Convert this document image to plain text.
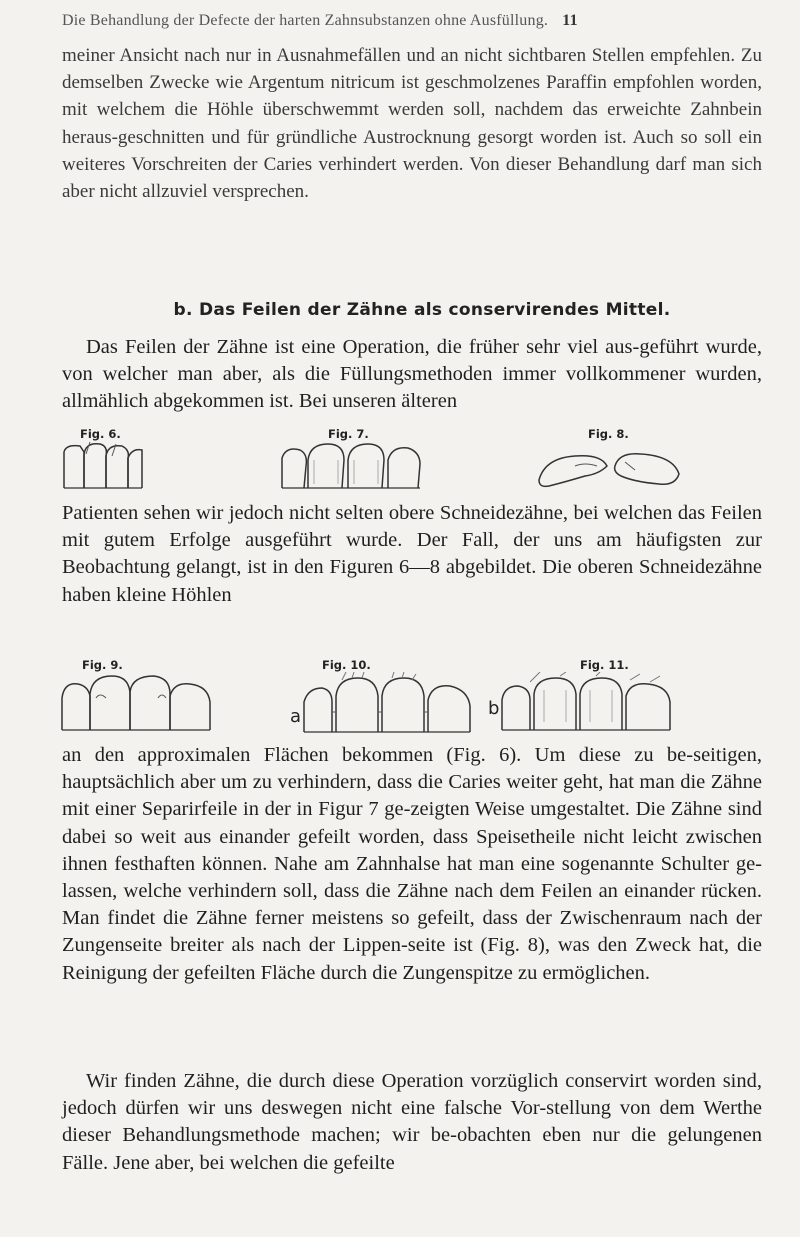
Die Behandlung der Defecte der harten Zahnsubstanzen ohne Ausfüllung. 11

meiner Ansicht nach nur in Ausnahmefällen und an nicht sichtbaren Stellen empfehlen. Zu demselben Zwecke wie Argentum nitricum ist geschmolzenes Paraffin empfohlen worden, mit welchem die Höhle überschwemmt werden soll, nachdem das erweichte Zahnbein heraus-geschnitten und für gründliche Austrocknung gesorgt worden ist. Auch so soll ein weiteres Vorschreiten der Caries verhindert werden. Von dieser Behandlung darf man sich aber nicht allzuviel versprechen.

b. Das Feilen der Zähne als conservirendes Mittel.

Das Feilen der Zähne ist eine Operation, die früher sehr viel aus-geführt wurde, von welcher man aber, als die Füllungsmethoden immer vollkommener wurden, allmählich abgekommen ist. Bei unseren älteren

Fig. 6.	Fig. 7.	Fig. 8.

Patienten sehen wir jedoch nicht selten obere Schneidezähne, bei welchen das Feilen mit gutem Erfolge ausgeführt wurde. Der Fall, der uns am häufigsten zur Beobachtung gelangt, ist in den Figuren 6—8 abgebildet. Die oberen Schneidezähne haben kleine Höhlen

Fig. 9.	Fig. 10.	Fig. 11.
a	b

an den approximalen Flächen bekommen (Fig. 6). Um diese zu be-seitigen, hauptsächlich aber um zu verhindern, dass die Caries weiter geht, hat man die Zähne mit einer Separirfeile in der in Figur 7 ge-zeigten Weise umgestaltet. Die Zähne sind dabei so weit aus einander gefeilt worden, dass Speisetheile nicht leicht zwischen ihnen festhaften können. Nahe am Zahnhalse hat man eine sogenannte Schulter ge-lassen, welche verhindern soll, dass die Zähne nach dem Feilen an einander rücken. Man findet die Zähne ferner meistens so gefeilt, dass der Zwischenraum nach der Zungenseite breiter als nach der Lippen-seite ist (Fig. 8), was den Zweck hat, die Reinigung der gefeilten Fläche durch die Zungenspitze zu ermöglichen.

Wir finden Zähne, die durch diese Operation vorzüglich conservirt worden sind, jedoch dürfen wir uns deswegen nicht eine falsche Vor-stellung von dem Werthe dieser Behandlungsmethode machen; wir be-obachten eben nur die gelungenen Fälle. Jene aber, bei welchen die gefeilte
